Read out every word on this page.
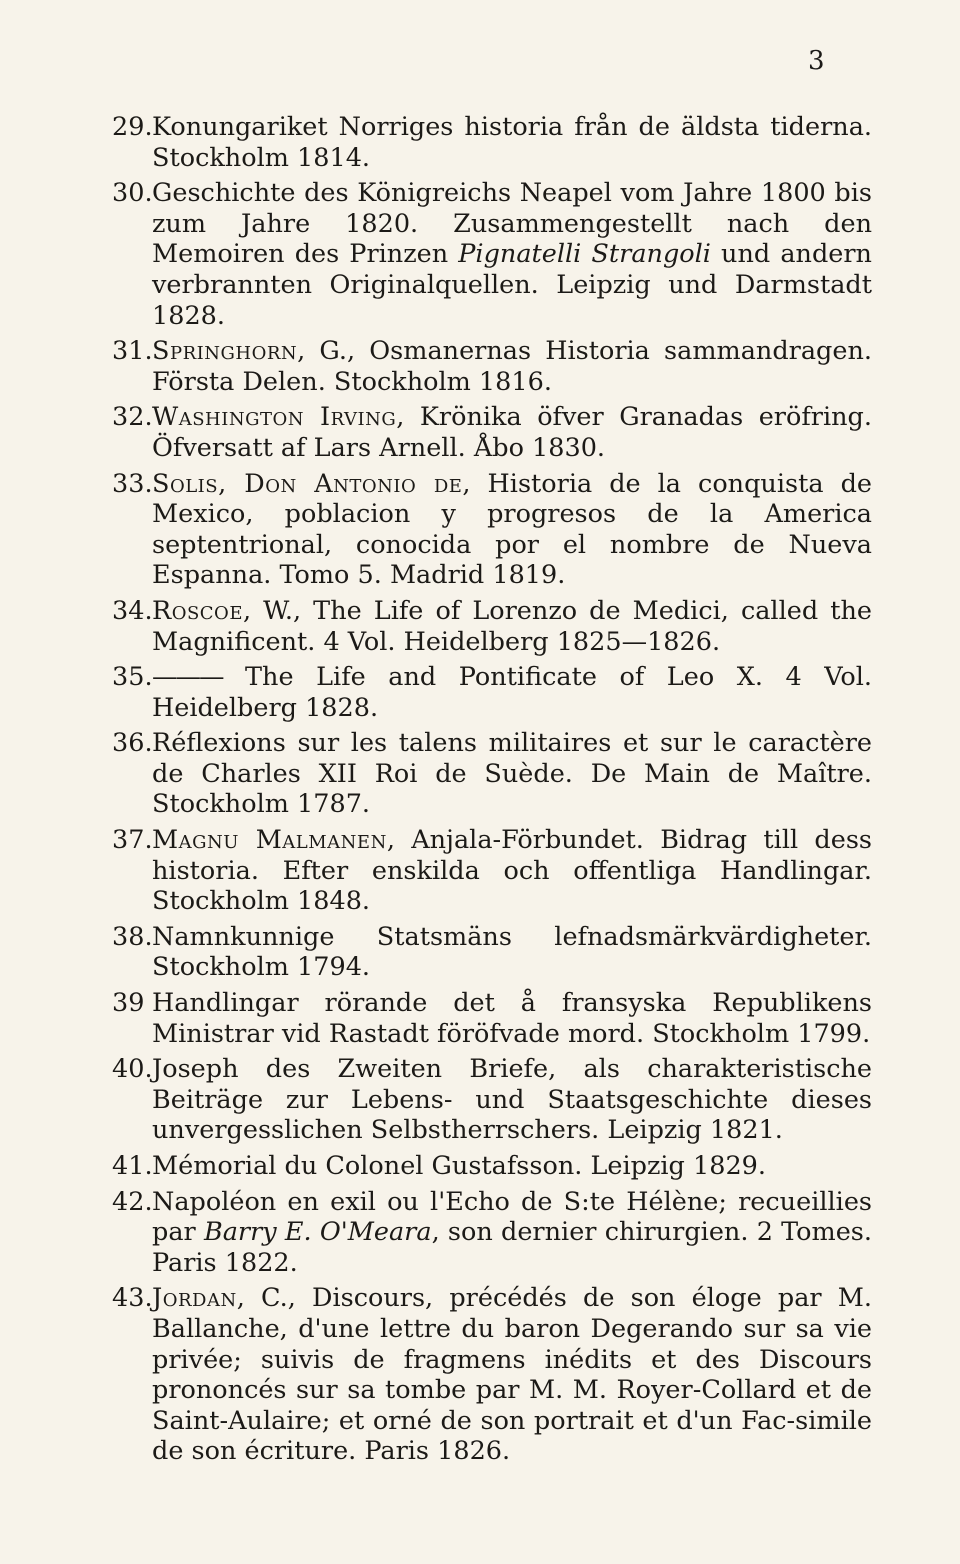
3
29. Konungariket Norriges historia från de äldsta tiderna. Stockholm 1814.
30. Geschichte des Königreichs Neapel vom Jahre 1800 bis zum Jahre 1820. Zusammengestellt nach den Memoiren des Prinzen Pignatelli Strangoli und andern verbrannten Originalquellen. Leipzig und Darmstadt 1828.
31. Springhorn, G., Osmanernas Historia sammandragen. Första Delen. Stockholm 1816.
32. Washington Irving, Krönika öfver Granadas eröfring. Öfversatt af Lars Arnell. Åbo 1830.
33. Solis, Don Antonio de, Historia de la conquista de Mexico, poblacion y progresos de la America septentrional, conocida por el nombre de Nueva Espanna. Tomo 5. Madrid 1819.
34. Roscoe, W., The Life of Lorenzo de Medici, called the Magnificent. 4 Vol. Heidelberg 1825—1826.
35. ——— The Life and Pontificate of Leo X. 4 Vol. Heidelberg 1828.
36. Réflexions sur les talens militaires et sur le caractère de Charles XII Roi de Suède. De Main de Maître. Stockholm 1787.
37. Magnu Malmanen, Anjala-Förbundet. Bidrag till dess historia. Efter enskilda och offentliga Handlingar. Stockholm 1848.
38. Namnkunnige Statsmäns lefnadsmärkvärdigheter. Stockholm 1794.
39 Handlingar rörande det å fransyska Republikens Ministrar vid Rastadt föröfvade mord. Stockholm 1799.
40. Joseph des Zweiten Briefe, als charakteristische Beiträge zur Lebens- und Staatsgeschichte dieses unvergesslichen Selbstherrschers. Leipzig 1821.
41. Mémorial du Colonel Gustafsson. Leipzig 1829.
42. Napoléon en exil ou l'Echo de S:te Hélène; recueillies par Barry E. O'Meara, son dernier chirurgien. 2 Tomes. Paris 1822.
43. Jordan, C., Discours, précédés de son éloge par M. Ballanche, d'une lettre du baron Degerando sur sa vie privée; suivis de fragmens inédits et des Discours prononcés sur sa tombe par M. M. Royer-Collard et de Saint-Aulaire; et orné de son portrait et d'un Fac-simile de son écriture. Paris 1826.
